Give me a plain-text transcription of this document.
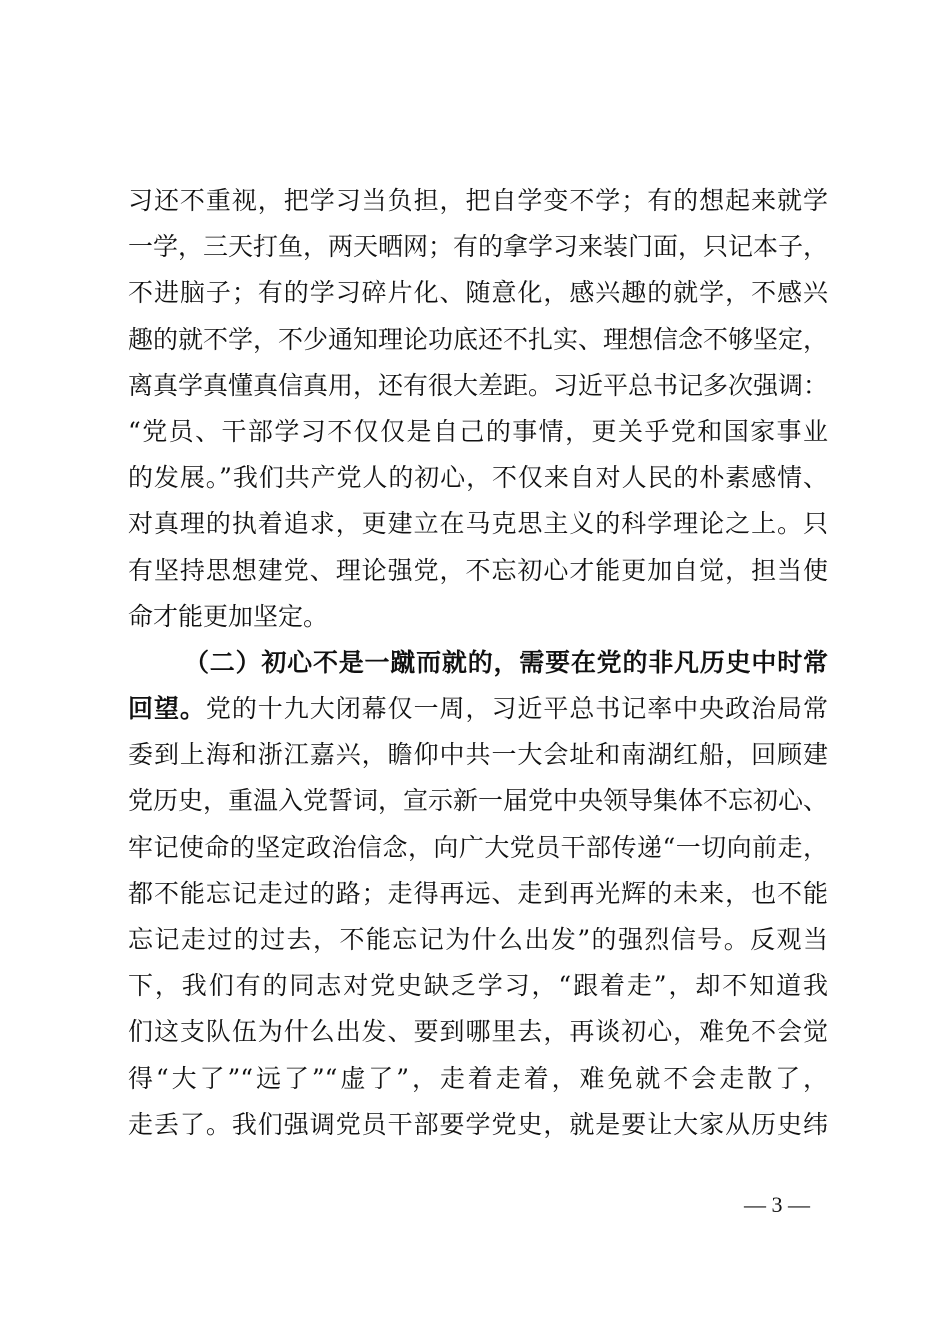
习还不重视，把学习当负担，把自学变不学；有的想起来就学
一学，三天打鱼，两天晒网；有的拿学习来装门面，只记本子，
不进脑子；有的学习碎片化、随意化，感兴趣的就学，不感兴
趣的就不学，不少通知理论功底还不扎实、理想信念不够坚定，
离真学真懂真信真用，还有很大差距。习近平总书记多次强调：
“党员、干部学习不仅仅是自己的事情，更关乎党和国家事业
的发展。”我们共产党人的初心，不仅来自对人民的朴素感情、
对真理的执着追求，更建立在马克思主义的科学理论之上。只
有坚持思想建党、理论强党，不忘初心才能更加自觉，担当使
命才能更加坚定。
（二）初心不是一蹴而就的，需要在党的非凡历史中时常
回望。党的十九大闭幕仅一周，习近平总书记率中央政治局常
委到上海和浙江嘉兴，瞻仰中共一大会址和南湖红船，回顾建
党历史，重温入党誓词，宣示新一届党中央领导集体不忘初心、
牢记使命的坚定政治信念，向广大党员干部传递“一切向前走，
都不能忘记走过的路；走得再远、走到再光辉的未来，也不能
忘记走过的过去，不能忘记为什么出发”的强烈信号。反观当
下，我们有的同志对党史缺乏学习，“跟着走”，却不知道我
们这支队伍为什么出发、要到哪里去，再谈初心，难免不会觉
得“大了”“远了”“虚了”，走着走着，难免就不会走散了，
走丢了。我们强调党员干部要学党史，就是要让大家从历史纬
— 3 —
